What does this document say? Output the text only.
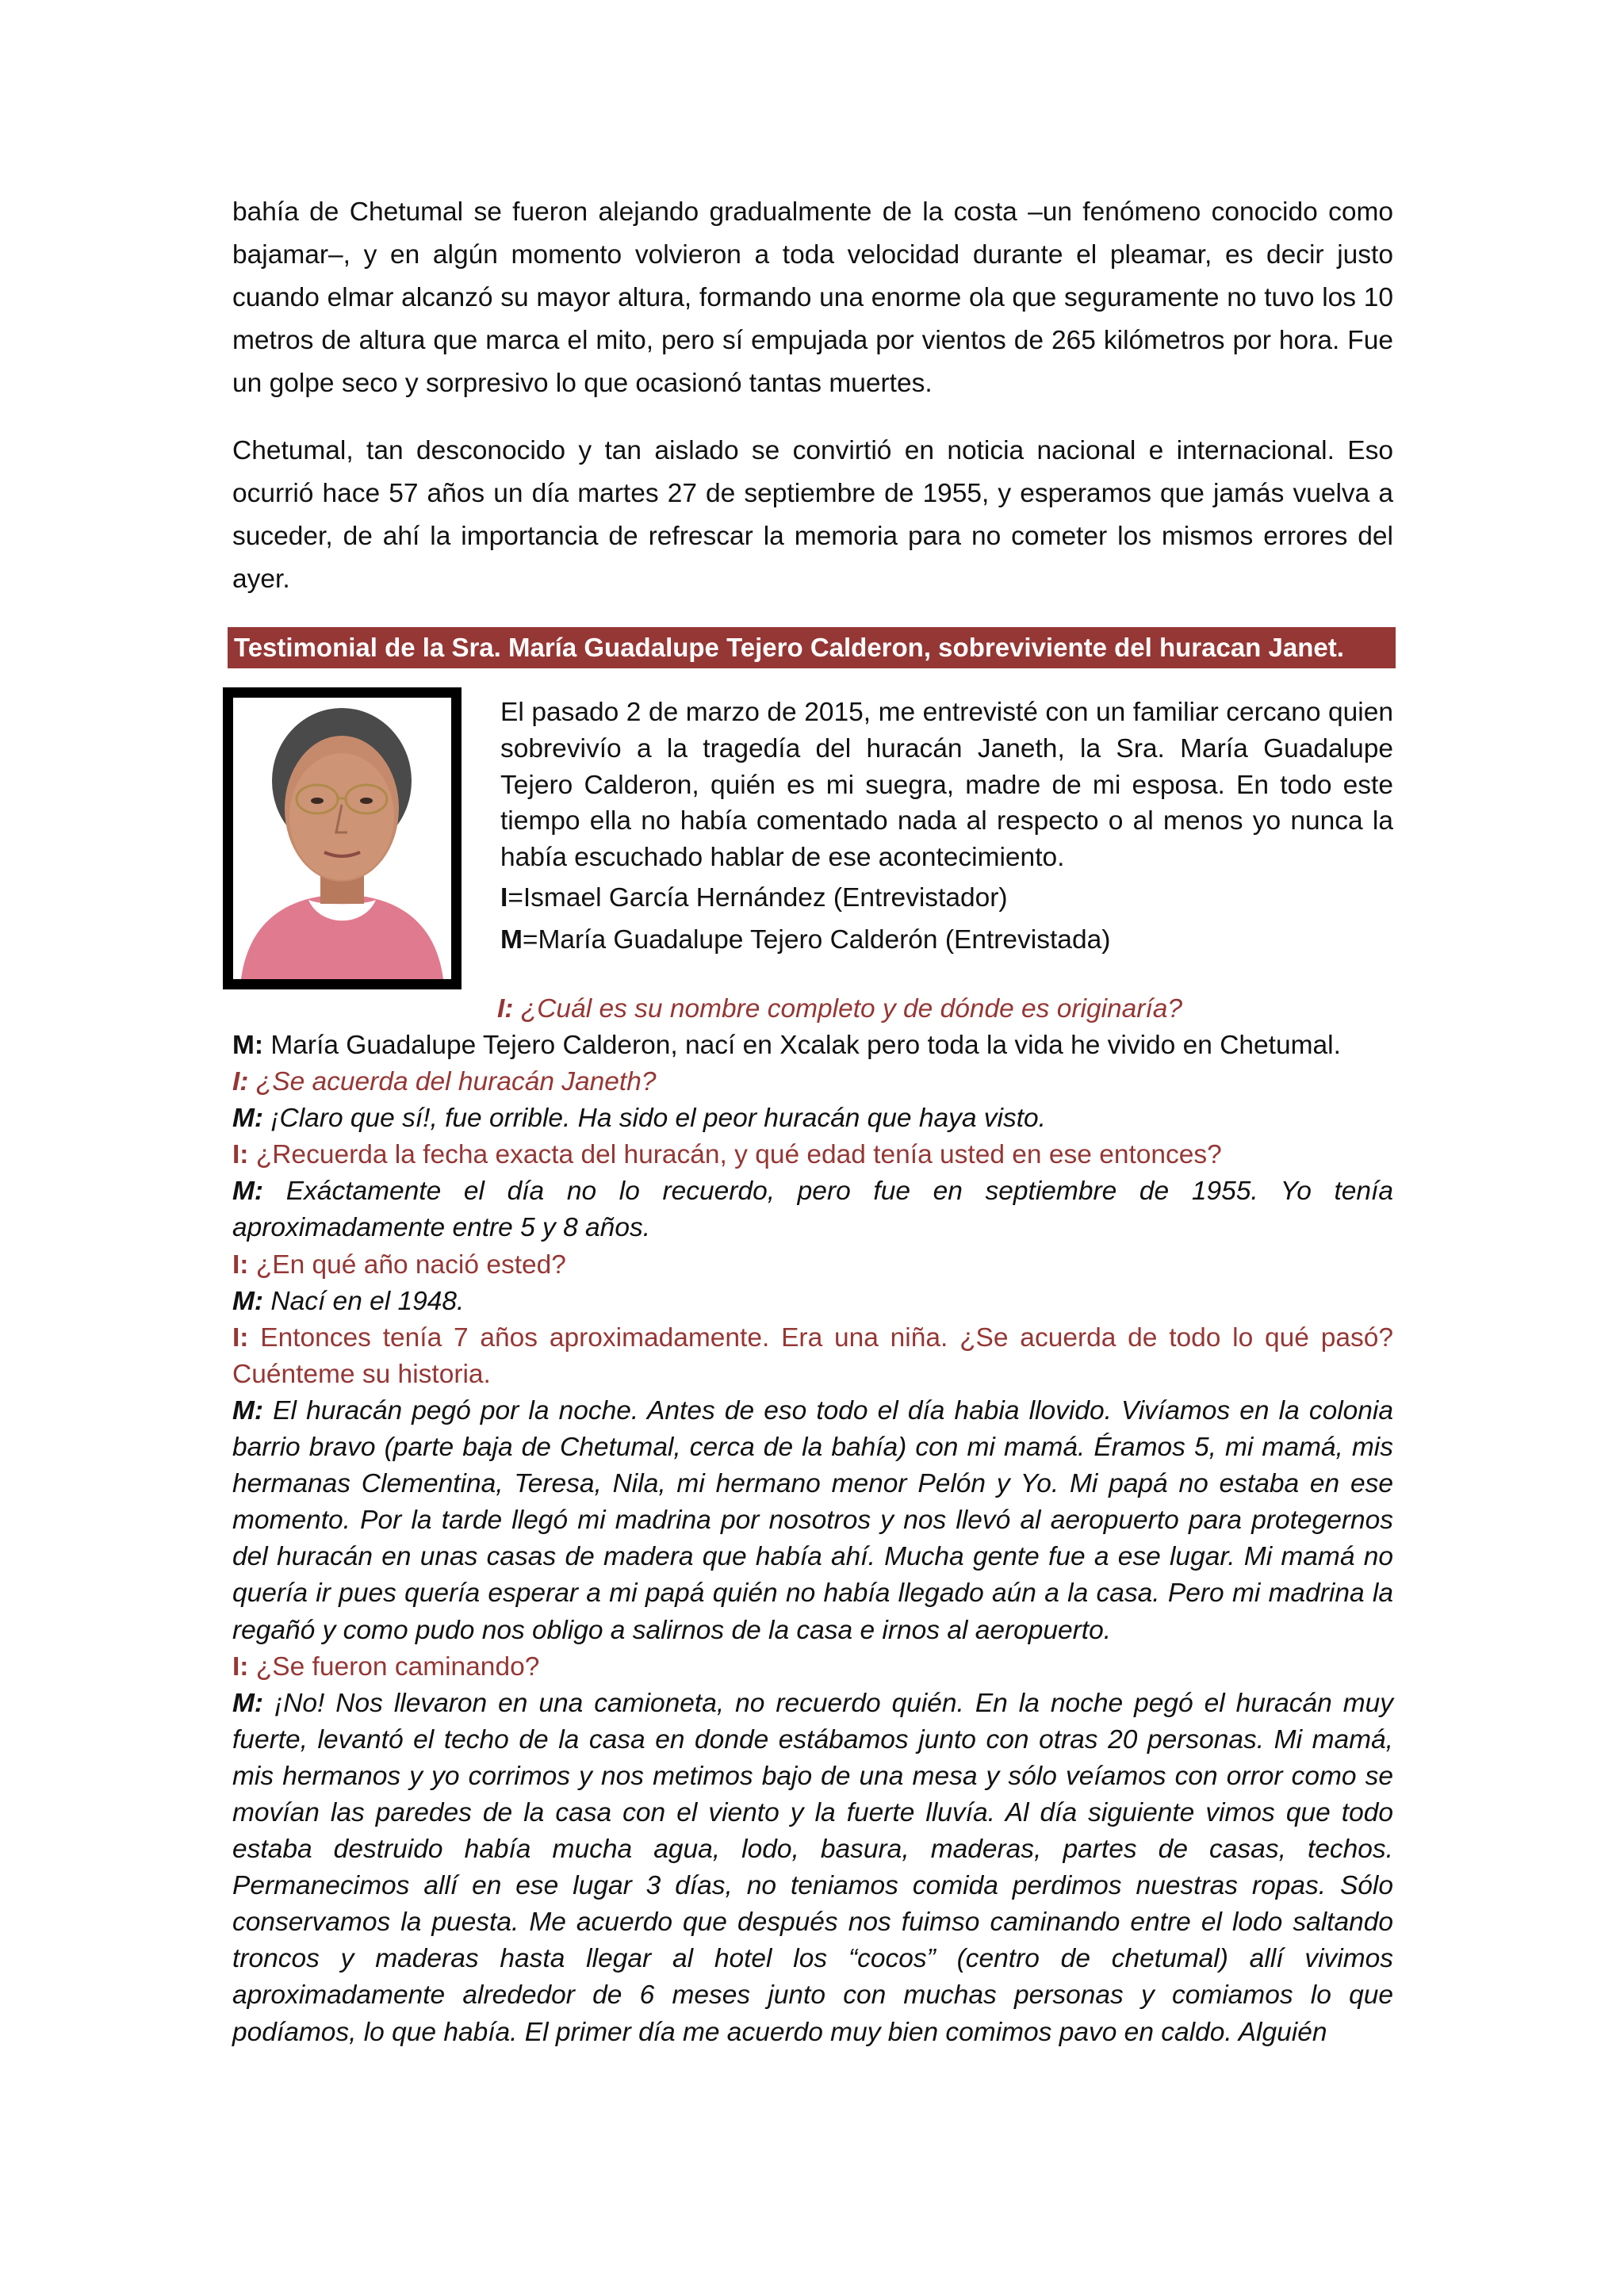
bahía de Chetumal se fueron alejando gradualmente de la costa –un fenómeno conocido como bajamar–, y en algún momento volvieron a toda velocidad durante el pleamar, es decir justo cuando elmar alcanzó su mayor altura, formando una enorme ola que seguramente no tuvo los 10 metros de altura que marca el mito, pero sí empujada por vientos de 265 kilómetros por hora. Fue un golpe seco y sorpresivo lo que ocasionó tantas muertes.

Chetumal, tan desconocido y tan aislado se convirtió en noticia nacional e internacional. Eso ocurrió hace 57 años un día martes 27 de septiembre de 1955, y esperamos que jamás vuelva a suceder, de ahí la importancia de refrescar la memoria para no cometer los mismos errores del ayer.

Testimonial de la Sra. María Guadalupe Tejero Calderon, sobreviviente del huracan Janet.

El pasado 2 de marzo de 2015, me entrevisté con un familiar cercano quien sobrevivío a la tragedía del huracán Janeth, la Sra. María Guadalupe Tejero Calderon, quién es mi suegra, madre de mi esposa. En todo este tiempo ella no había comentado nada al respecto o al menos yo nunca la había escuchado hablar de ese acontecimiento.

I=Ismael García Hernández (Entrevistador)
M=María Guadalupe Tejero Calderón (Entrevistada)
I: ¿Cuál es su nombre completo y de dónde es originaría?

M: María Guadalupe Tejero Calderon, nací en Xcalak pero toda la vida he vivido en Chetumal.

I: ¿Se acuerda del huracán Janeth?

M: ¡Claro que sí!, fue orrible. Ha sido el peor huracán que haya visto.

I: ¿Recuerda la fecha exacta del huracán, y qué edad tenía usted en ese entonces?

M: Exáctamente el día no lo recuerdo, pero fue en septiembre de 1955. Yo tenía aproximadamente entre 5 y 8 años.

I: ¿En qué año nació ested?

M: Nací en el 1948.

I: Entonces tenía 7 años aproximadamente. Era una niña. ¿Se acuerda de todo lo qué pasó? Cuénteme su historia.

M: El huracán pegó por la noche. Antes de eso todo el día habia llovido. Vivíamos en la colonia barrio bravo (parte baja de Chetumal, cerca de la bahía) con mi mamá. Éramos 5, mi mamá, mis hermanas Clementina, Teresa, Nila, mi hermano menor Pelón y Yo. Mi papá no estaba en ese momento. Por la tarde llegó mi madrina por nosotros y nos llevó al aeropuerto para protegernos del huracán en unas casas de madera que había ahí. Mucha gente fue a ese lugar. Mi mamá no quería ir pues quería esperar a mi papá quién no había llegado aún a la casa. Pero mi madrina la regañó y como pudo nos obligo a salirnos de la casa e irnos al aeropuerto.

I: ¿Se fueron caminando?

M: ¡No! Nos llevaron en una camioneta, no recuerdo quién. En la noche pegó el huracán muy fuerte, levantó el techo de la casa en donde estábamos junto con otras 20 personas. Mi mamá, mis hermanos y yo corrimos y nos metimos bajo de una mesa y sólo veíamos con orror como se movían las paredes de la casa con el viento y la fuerte lluvía. Al día siguiente vimos que todo estaba destruido había mucha agua, lodo, basura, maderas, partes de casas, techos. Permanecimos allí en ese lugar 3 días, no teniamos comida perdimos nuestras ropas. Sólo conservamos la puesta. Me acuerdo que después nos fuimso caminando entre el lodo saltando troncos y maderas hasta llegar al hotel los “cocos” (centro de chetumal) allí vivimos aproximadamente alrededor de 6 meses junto con muchas personas y comiamos lo que podíamos, lo que había. El primer día me acuerdo muy bien comimos pavo en caldo. Alguién
